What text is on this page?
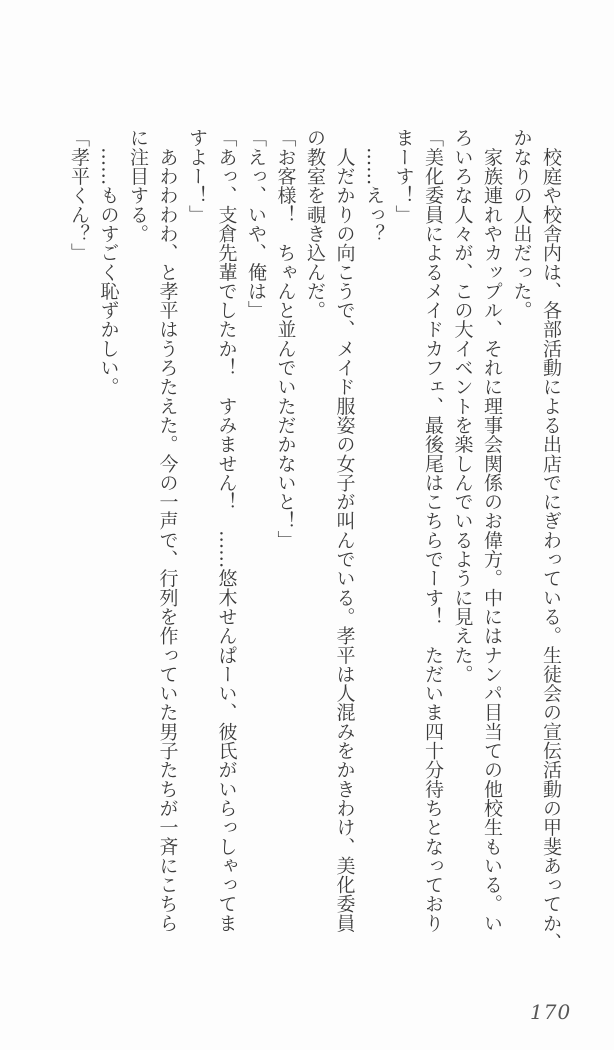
　校庭や校舎内は、各部活動による出店でにぎわっている。生徒会の宣伝活動の甲斐あってか、

かなりの人出だった。

　家族連れやカップル、それに理事会関係のお偉方。中にはナンパ目当ての他校生もいる。い

ろいろな人々が、この大イベントを楽しんでいるように見えた。

「美化委員によるメイドカフェ、最後尾はこちらでーす！　ただいま四十分待ちとなっており

まーす！」

　……えっ？

　人だかりの向こうで、メイド服姿の女子が叫んでいる。孝平は人混みをかきわけ、美化委員

の教室を覗き込んだ。

「お客様！　ちゃんと並んでいただかないと！」

「えっ、いや、俺は」

「あっ、支倉先輩でしたか！　すみません！　……悠木せんぱーい、彼氏がいらっしゃってま

すよー！」

　あわわわわ、と孝平はうろたえた。今の一声で、行列を作っていた男子たちが一斉にこちら

に注目する。

　……ものすごく恥ずかしい。

「孝平くん？」

170
